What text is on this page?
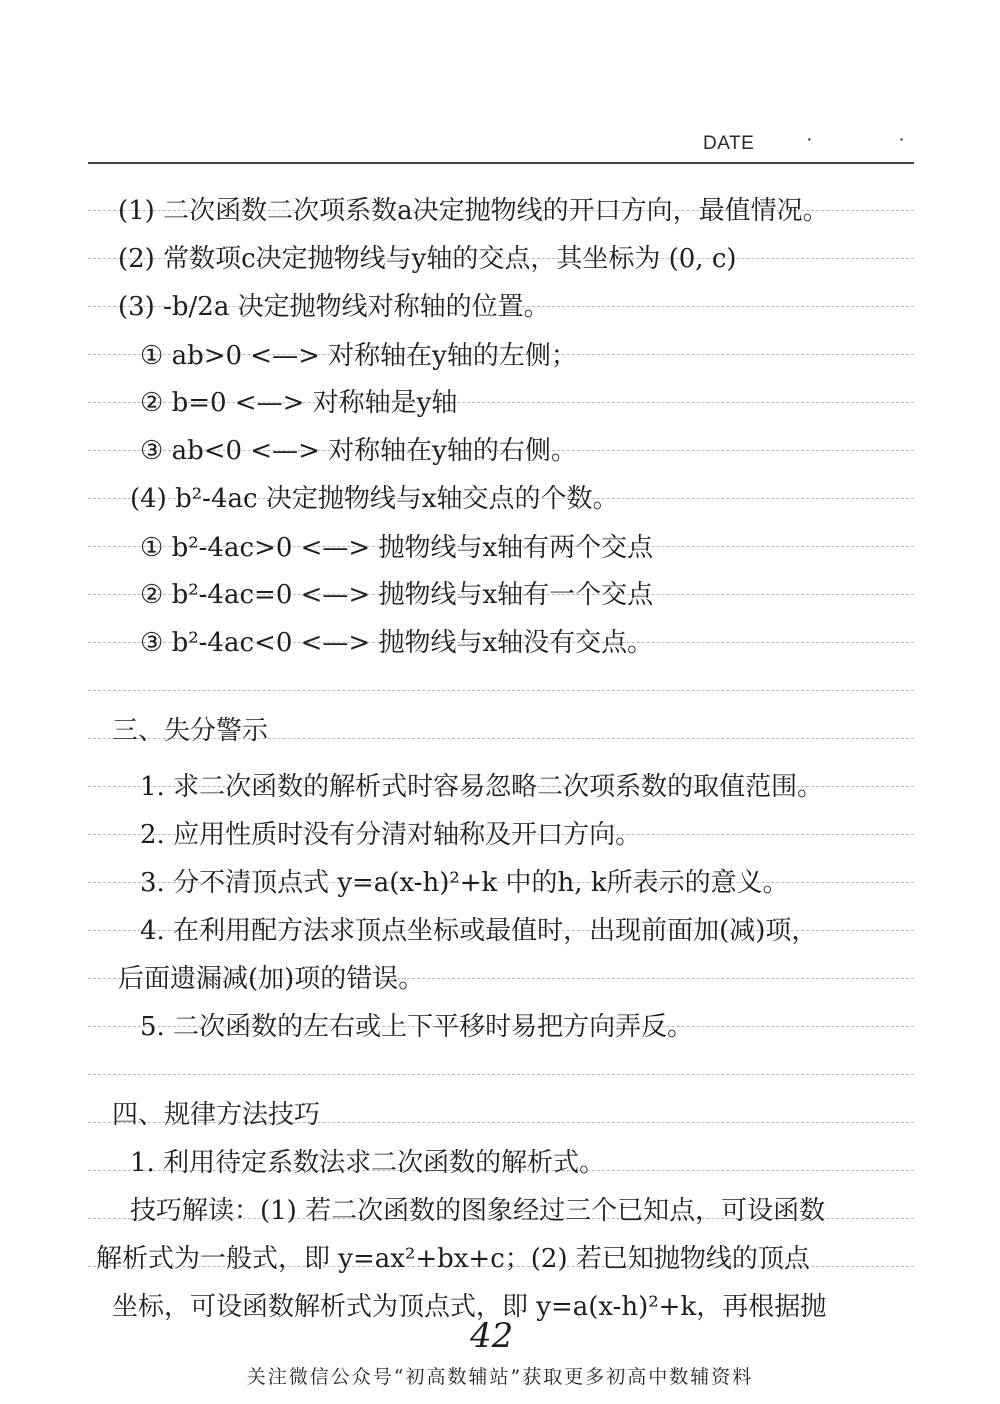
DATE	· ·
(1) 二次函数二次项系数a决定抛物线的开口方向，最值情况。
(2) 常数项c决定抛物线与y轴的交点，其坐标为 (0, c)
(3) -b/2a 决定抛物线对称轴的位置。
① ab>0 <—> 对称轴在y轴的左侧；
② b=0 <—> 对称轴是y轴
③ ab<0 <—> 对称轴在y轴的右侧。
(4) b²-4ac 决定抛物线与x轴交点的个数。
① b²-4ac>0 <—> 抛物线与x轴有两个交点
② b²-4ac=0 <—> 抛物线与x轴有一个交点
③ b²-4ac<0 <—> 抛物线与x轴没有交点。
三、失分警示
1. 求二次函数的解析式时容易忽略二次项系数的取值范围。
2. 应用性质时没有分清对轴称及开口方向。
3. 分不清顶点式 y=a(x-h)²+k 中的h, k所表示的意义。
4. 在利用配方法求顶点坐标或最值时，出现前面加(减)项，
后面遗漏减(加)项的错误。
5. 二次函数的左右或上下平移时易把方向弄反。
四、规律方法技巧
1. 利用待定系数法求二次函数的解析式。
技巧解读：(1) 若二次函数的图象经过三个已知点，可设函数
解析式为一般式，即 y=ax²+bx+c；(2) 若已知抛物线的顶点
坐标，可设函数解析式为顶点式，即 y=a(x-h)²+k，再根据抛
42
关注微信公众号“初高数辅站”获取更多初高中数辅资料
